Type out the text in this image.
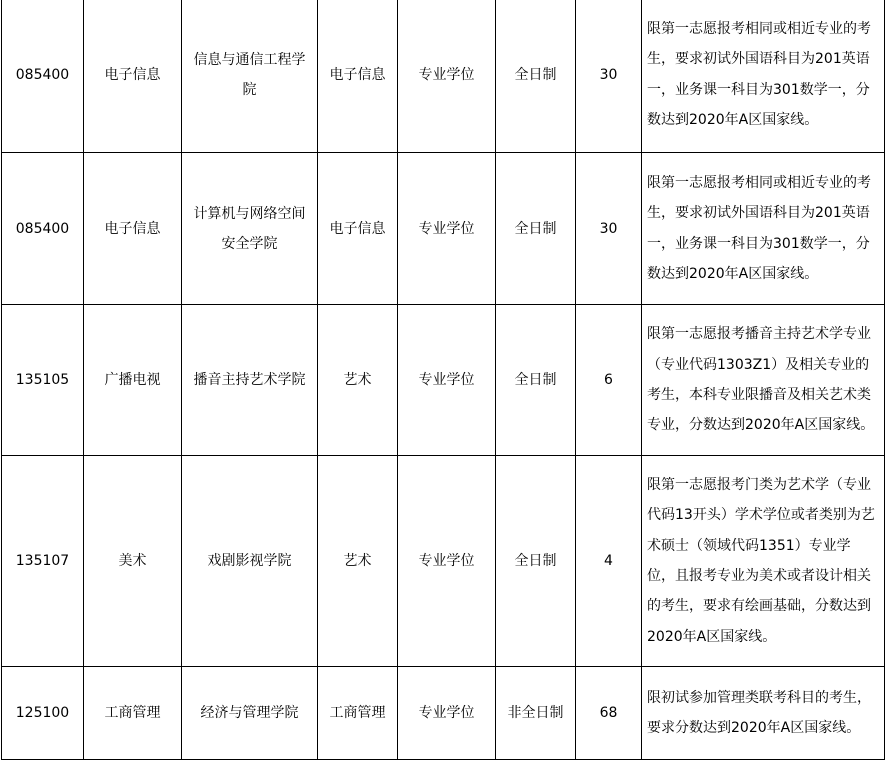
085400	电子信息	信息与通信工程学院	电子信息	专业学位	全日制	30	限第一志愿报考相同或相近专业的考生，要求初试外国语科目为201英语一，业务课一科目为301数学一，分数达到2020年A区国家线。
085400	电子信息	计算机与网络空间安全学院	电子信息	专业学位	全日制	30	限第一志愿报考相同或相近专业的考生，要求初试外国语科目为201英语一，业务课一科目为301数学一，分数达到2020年A区国家线。
135105	广播电视	播音主持艺术学院	艺术	专业学位	全日制	6	限第一志愿报考播音主持艺术学专业（专业代码1303Z1）及相关专业的考生，本科专业限播音及相关艺术类专业，分数达到2020年A区国家线。
135107	美术	戏剧影视学院	艺术	专业学位	全日制	4	限第一志愿报考门类为艺术学（专业代码13开头）学术学位或者类别为艺术硕士（领域代码1351）专业学位，且报考专业为美术或者设计相关的考生，要求有绘画基础，分数达到2020年A区国家线。
125100	工商管理	经济与管理学院	工商管理	专业学位	非全日制	68	限初试参加管理类联考科目的考生，要求分数达到2020年A区国家线。
